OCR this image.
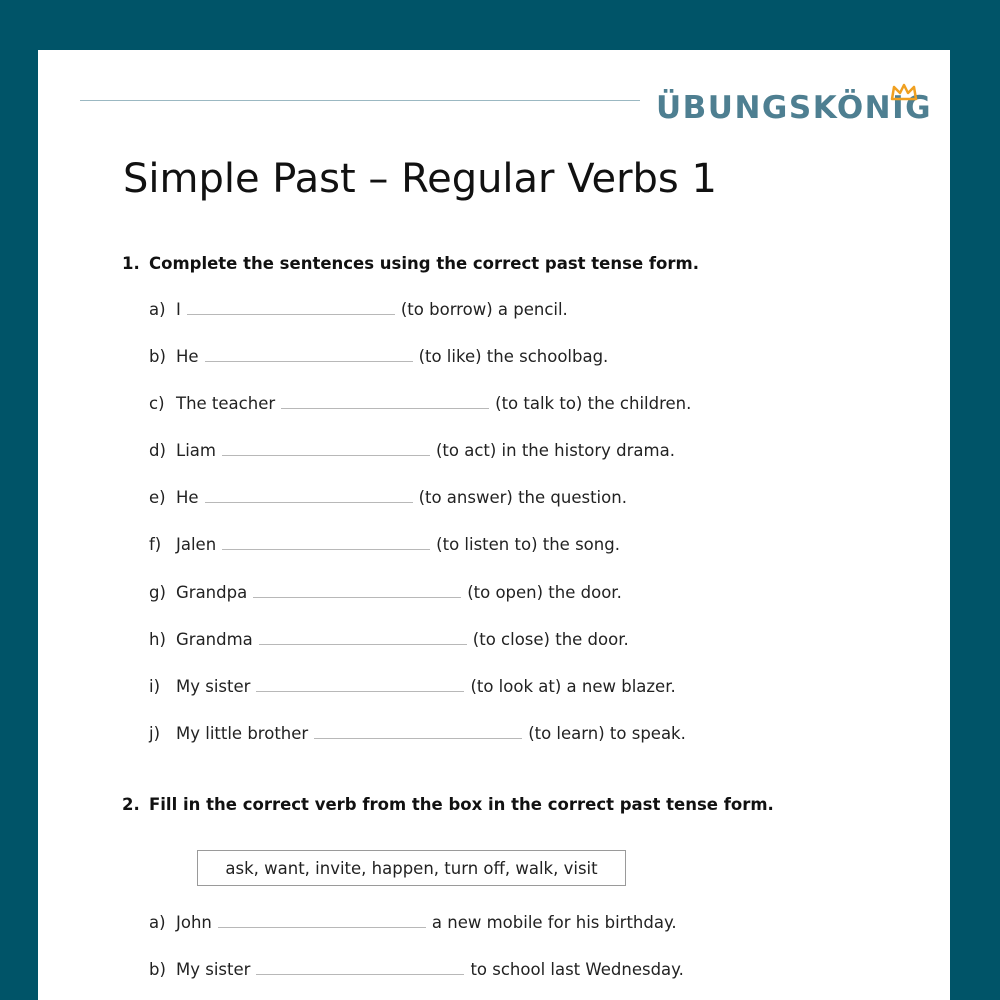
ÜBUNGSKÖNIG
Simple Past – Regular Verbs 1
1. Complete the sentences using the correct past tense form.
a) I	(to borrow) a pencil.
b) He	(to like) the schoolbag.
c) The teacher	(to talk to) the children.
d) Liam	(to act) in the history drama.
e) He	(to answer) the question.
f) Jalen	(to listen to) the song.
g) Grandpa	(to open) the door.
h) Grandma	(to close) the door.
i) My sister	(to look at) a new blazer.
j) My little brother	(to learn) to speak.
2. Fill in the correct verb from the box in the correct past tense form.
ask, want, invite, happen, turn off, walk, visit
a) John	a new mobile for his birthday.
b) My sister	to school last Wednesday.
